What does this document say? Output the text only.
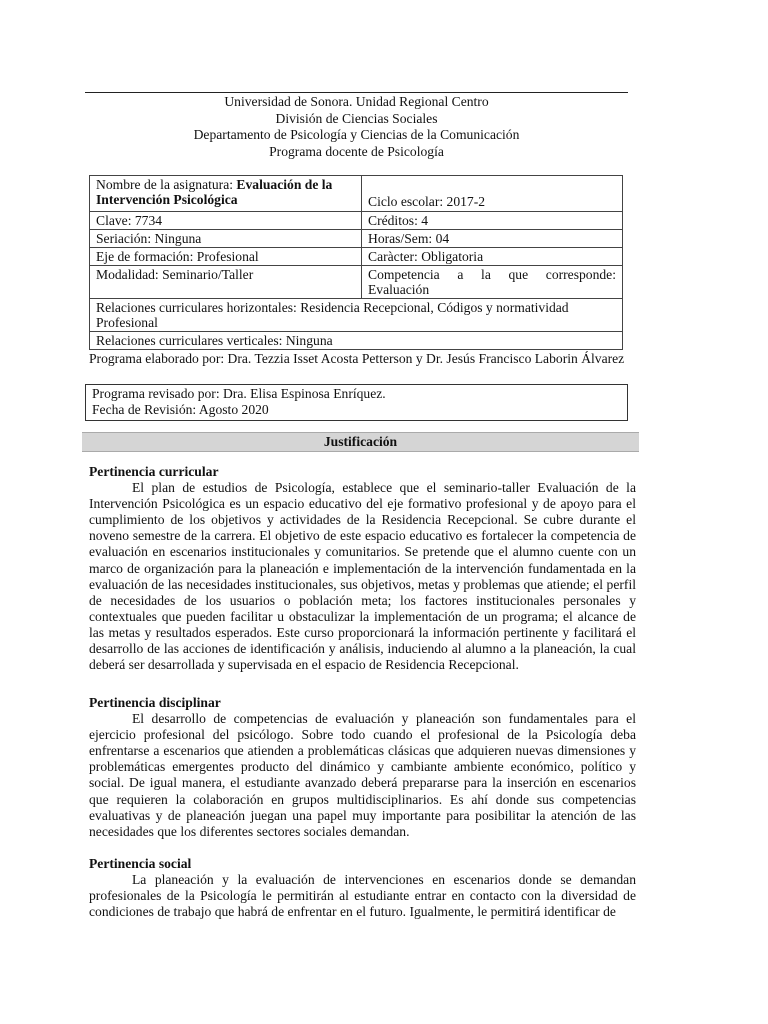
Universidad de Sonora. Unidad Regional Centro
División de Ciencias Sociales
Departamento de Psicología y Ciencias de la Comunicación
Programa docente de Psicología
Nombre de la asignatura: Evaluación de la Intervención Psicológica	Ciclo escolar: 2017-2
Clave: 7734	Créditos: 4
Seriación: Ninguna	Horas/Sem: 04
Eje de formación: Profesional	Caràcter: Obligatoria
Modalidad: Seminario/Taller	Competencia a la que corresponde:
Evaluación

Relaciones curriculares horizontales: Residencia Recepcional, Códigos y normatividad Profesional	
Relaciones curriculares verticales: Ninguna	
Programa elaborado por: Dra. Tezzia Isset Acosta Petterson y Dr. Jesús Francisco Laborin Álvarez
Programa revisado por: Dra. Elisa Espinosa Enríquez.
Fecha de Revisión: Agosto 2020
Justificación
Pertinencia curricular

El plan de estudios de Psicología, establece que el seminario-taller Evaluación de la Intervención Psicológica es un espacio educativo del eje formativo profesional y de apoyo para el cumplimiento de los objetivos y actividades de la Residencia Recepcional. Se cubre durante el noveno semestre de la carrera. El objetivo de este espacio educativo es fortalecer la competencia de evaluación en escenarios institucionales y comunitarios. Se pretende que el alumno cuente con un marco de organización para la planeación e implementación de la intervención fundamentada en la evaluación de las necesidades institucionales, sus objetivos, metas y problemas que atiende; el perfil de necesidades de los usuarios o población meta; los factores institucionales personales y contextuales que pueden facilitar u obstaculizar la implementación de un programa; el alcance de las metas y resultados esperados. Este curso proporcionará la información pertinente y facilitará el desarrollo de las acciones de identificación y análisis, induciendo al alumno a la planeación, la cual deberá ser desarrollada y supervisada en el espacio de Residencia Recepcional.

Pertinencia disciplinar

El desarrollo de competencias de evaluación y planeación son fundamentales para el ejercicio profesional del psicólogo. Sobre todo cuando el profesional de la Psicología deba enfrentarse a escenarios que atienden a problemáticas clásicas que adquieren nuevas dimensiones y problemáticas emergentes producto del dinámico y cambiante ambiente económico, político y social. De igual manera, el estudiante avanzado deberá prepararse para la inserción en escenarios que requieren la colaboración en grupos multidisciplinarios. Es ahí donde sus competencias evaluativas y de planeación juegan una papel muy importante para posibilitar la atención de las necesidades que los diferentes sectores sociales demandan.

Pertinencia social

La planeación y la evaluación de intervenciones en escenarios donde se demandan profesionales de la Psicología le permitirán al estudiante entrar en contacto con la diversidad de condiciones de trabajo que habrá de enfrentar en el futuro. Igualmente, le permitirá identificar de
